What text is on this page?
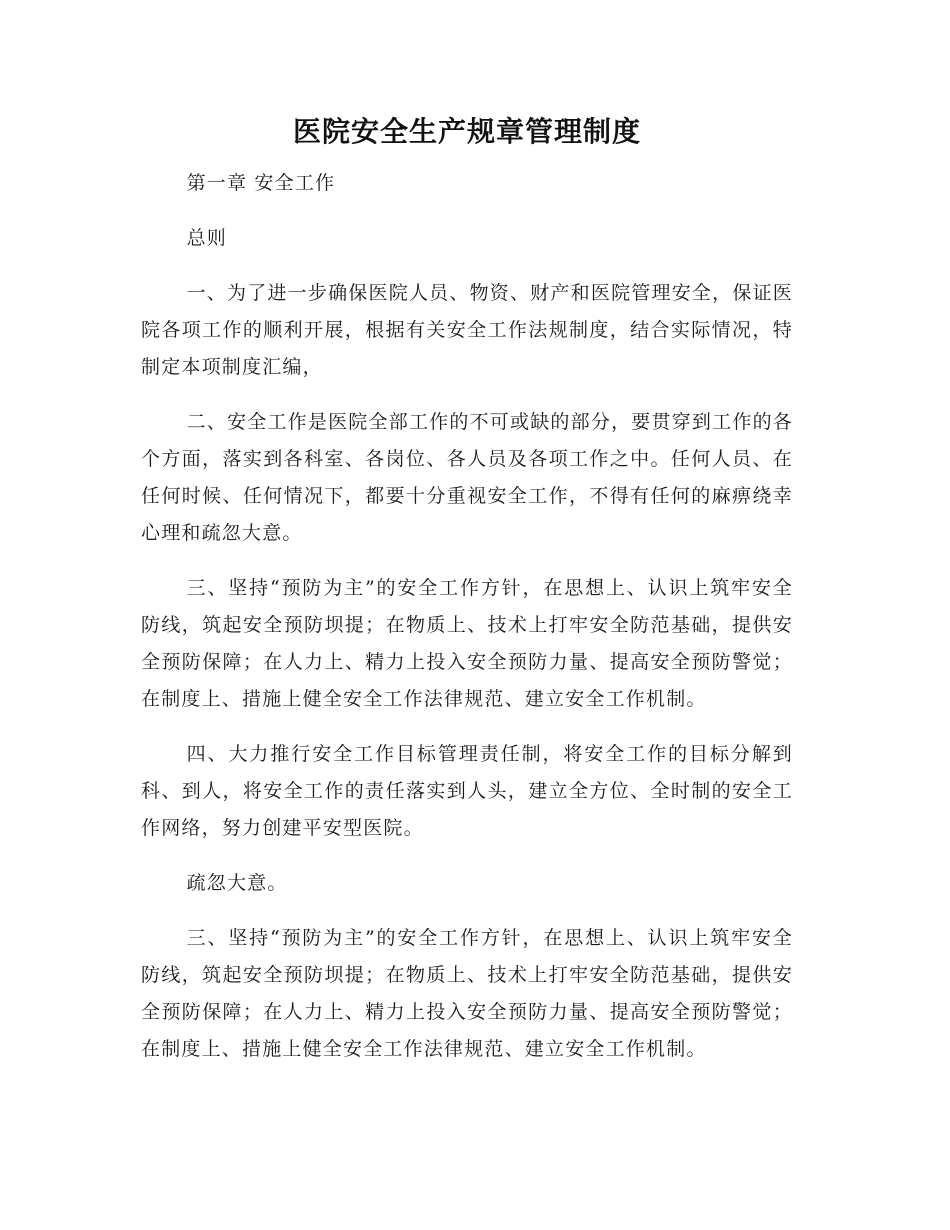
医院安全生产规章管理制度

第一章 安全工作

总则

一、为了进一步确保医院人员、物资、财产和医院管理安全，保证医院各项工作的顺利开展，根据有关安全工作法规制度，结合实际情况，特制定本项制度汇编，

二、安全工作是医院全部工作的不可或缺的部分，要贯穿到工作的各个方面，落实到各科室、各岗位、各人员及各项工作之中。任何人员、在任何时候、任何情况下，都要十分重视安全工作，不得有任何的麻痹绕幸心理和疏忽大意。

三、坚持“预防为主”的安全工作方针，在思想上、认识上筑牢安全防线，筑起安全预防坝提；在物质上、技术上打牢安全防范基础，提供安全预防保障；在人力上、精力上投入安全预防力量、提高安全预防警觉；在制度上、措施上健全安全工作法律规范、建立安全工作机制。

四、大力推行安全工作目标管理责任制，将安全工作的目标分解到科、到人，将安全工作的责任落实到人头，建立全方位、全时制的安全工作网络，努力创建平安型医院。

疏忽大意。

三、坚持“预防为主”的安全工作方针，在思想上、认识上筑牢安全防线，筑起安全预防坝提；在物质上、技术上打牢安全防范基础，提供安全预防保障；在人力上、精力上投入安全预防力量、提高安全预防警觉；在制度上、措施上健全安全工作法律规范、建立安全工作机制。
